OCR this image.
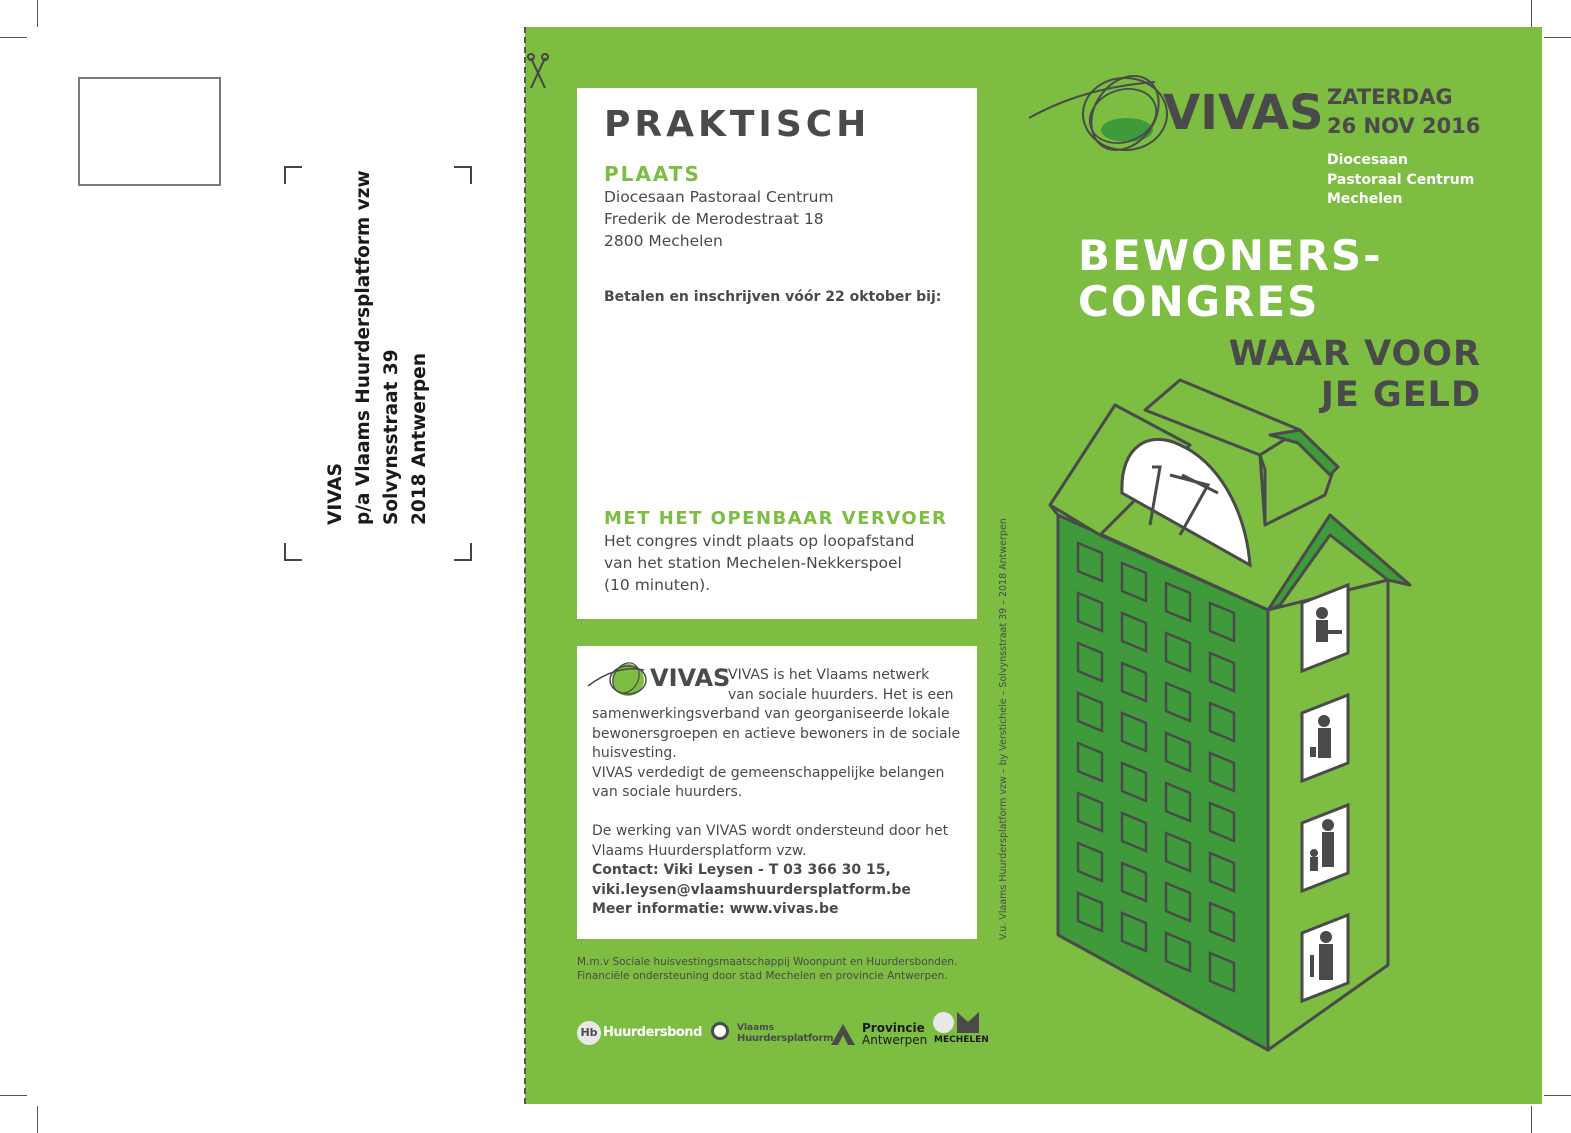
VIVAS p/a Vlaams Huurdersplatform vzw Solvynsstraat 39 2018 Antwerpen
PRAKTISCH
PLAATS
Diocesaan Pastoraal Centrum
Frederik de Merodestraat 18
2800 Mechelen
Betalen en inschrijven vóór 22 oktober bij:
MET HET OPENBAAR VERVOER
Het congres vindt plaats op loopafstand
van het station Mechelen-Nekkerspoel
(10 minuten).
VIVAS
VIVAS is het Vlaams netwerk
van sociale huurders. Het is een
samenwerkingsverband van georganiseerde lokale
bewonersgroepen en actieve bewoners in de sociale
huisvesting.
VIVAS verdedigt de gemeenschappelijke belangen
van sociale huurders.
De werking van VIVAS wordt ondersteund door het
Vlaams Huurdersplatform vzw.
Contact: Viki Leysen - T 03 366 30 15,
viki.leysen@vlaamshuurdersplatform.be
Meer informatie: www.vivas.be
M.m.v Sociale huisvestingsmaatschappij Woonpunt en Huurdersbonden.
Financiële ondersteuning door stad Mechelen en provincie Antwerpen.
Hb Huurdersbond	Vlaams
Huurdersplatform
Provincie
Antwerpen MECHELEN
V.u. Vlaams Huurdersplatform vzw – by Verstichele – Solvynsstraat 39 – 2018 Antwerpen
VIVAS ZATERDAG
26 NOV 2016
Diocesaan
Pastoraal Centrum
Mechelen
BEWONERS-
CONGRES
WAAR VOOR
JE GELD
